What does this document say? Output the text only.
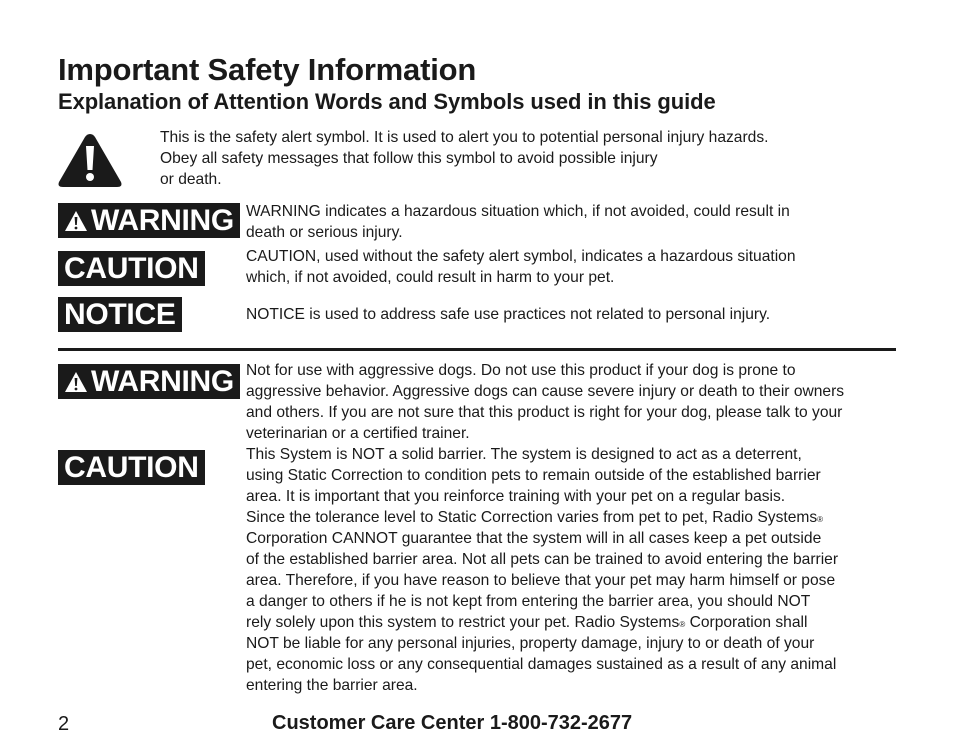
Important Safety Information
Explanation of Attention Words and Symbols used in this guide
This is the safety alert symbol. It is used to alert you to potential personal injury hazards.
Obey all safety messages that follow this symbol to avoid possible injury
or death.
WARNING WARNING indicates a hazardous situation which, if not avoided, could result in
death or serious injury.
CAUTION	CAUTION, used without the safety alert symbol, indicates a hazardous situation
which, if not avoided, could result in harm to your pet.
NOTICE	NOTICE is used to address safe use practices not related to personal injury.
WARNING Not for use with aggressive dogs. Do not use this product if your dog is prone to
aggressive behavior. Aggressive dogs can cause severe injury or death to their owners
and others. If you are not sure that this product is right for your dog, please talk to your
veterinarian or a certified trainer.
CAUTION	This System is NOT a solid barrier. The system is designed to act as a deterrent,
using Static Correction to condition pets to remain outside of the established barrier
area. It is important that you reinforce training with your pet on a regular basis.
Since the tolerance level to Static Correction varies from pet to pet, Radio Systems®
Corporation CANNOT guarantee that the system will in all cases keep a pet outside
of the established barrier area. Not all pets can be trained to avoid entering the barrier
area. Therefore, if you have reason to believe that your pet may harm himself or pose
a danger to others if he is not kept from entering the barrier area, you should NOT
rely solely upon this system to restrict your pet. Radio Systems® Corporation shall
NOT be liable for any personal injuries, property damage, injury to or death of your
pet, economic loss or any consequential damages sustained as a result of any animal
entering the barrier area.
2	Customer Care Center 1-800-732-2677
